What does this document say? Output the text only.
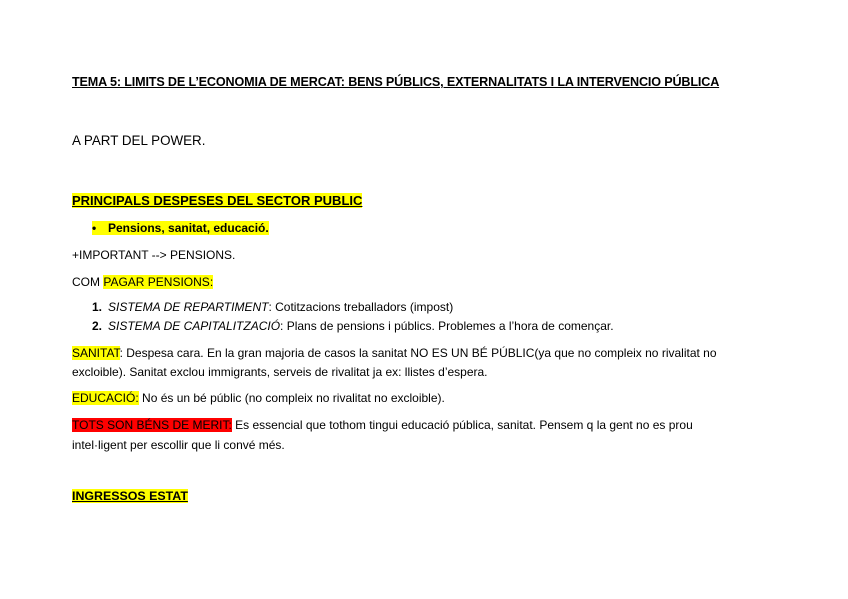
TEMA 5: LIMITS DE L’ECONOMIA DE MERCAT: BENS PÚBLICS, EXTERNALITATS I LA INTERVENCIO PÚBLICA
A PART DEL POWER.
PRINCIPALS DESPESES DEL SECTOR PUBLIC
• Pensions, sanitat, educació.
+IMPORTANT --> PENSIONS.
COM PAGAR PENSIONS:
1. SISTEMA DE REPARTIMENT: Cotitzacions treballadors (impost)
2. SISTEMA DE CAPITALITZACIÓ: Plans de pensions i públics. Problemes a l’hora de començar.
SANITAT: Despesa cara. En la gran majoria de casos la sanitat NO ES UN BÉ PÚBLIC(ya que no compleix no rivalitat no
excloible). Sanitat exclou immigrants, serveis de rivalitat ja ex: llistes d’espera.
EDUCACIÓ: No és un bé públic (no compleix no rivalitat no excloible).
TOTS SON BÉNS DE MERIT: Es essencial que tothom tingui educació pública, sanitat. Pensem q la gent no es prou
intel·ligent per escollir que li convé més.
INGRESSOS ESTAT
